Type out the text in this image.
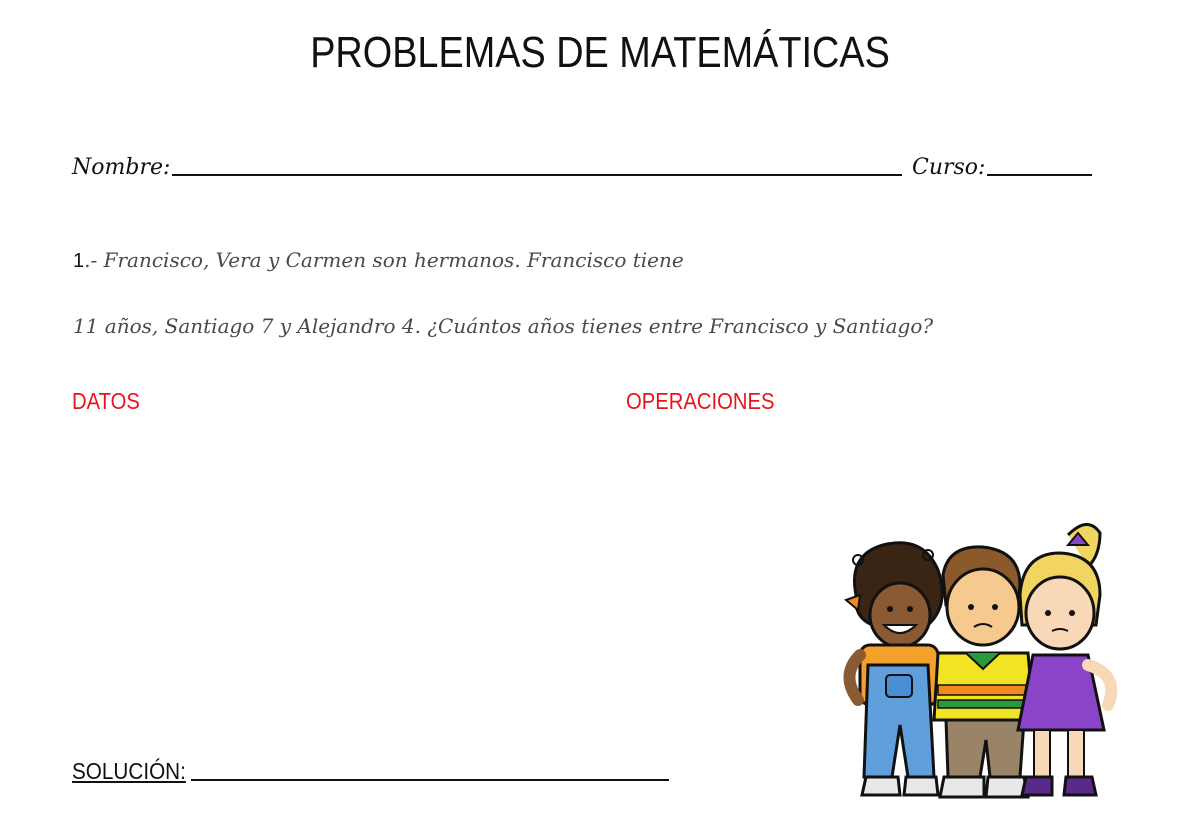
PROBLEMAS DE MATEMÁTICAS
Nombre:	Curso:
1.- Francisco, Vera y Carmen son hermanos. Francisco tiene
11 años, Santiago 7 y Alejandro 4. ¿Cuántos años tienes entre Francisco y Santiago?
DATOS	OPERACIONES
SOLUCIÓN:
